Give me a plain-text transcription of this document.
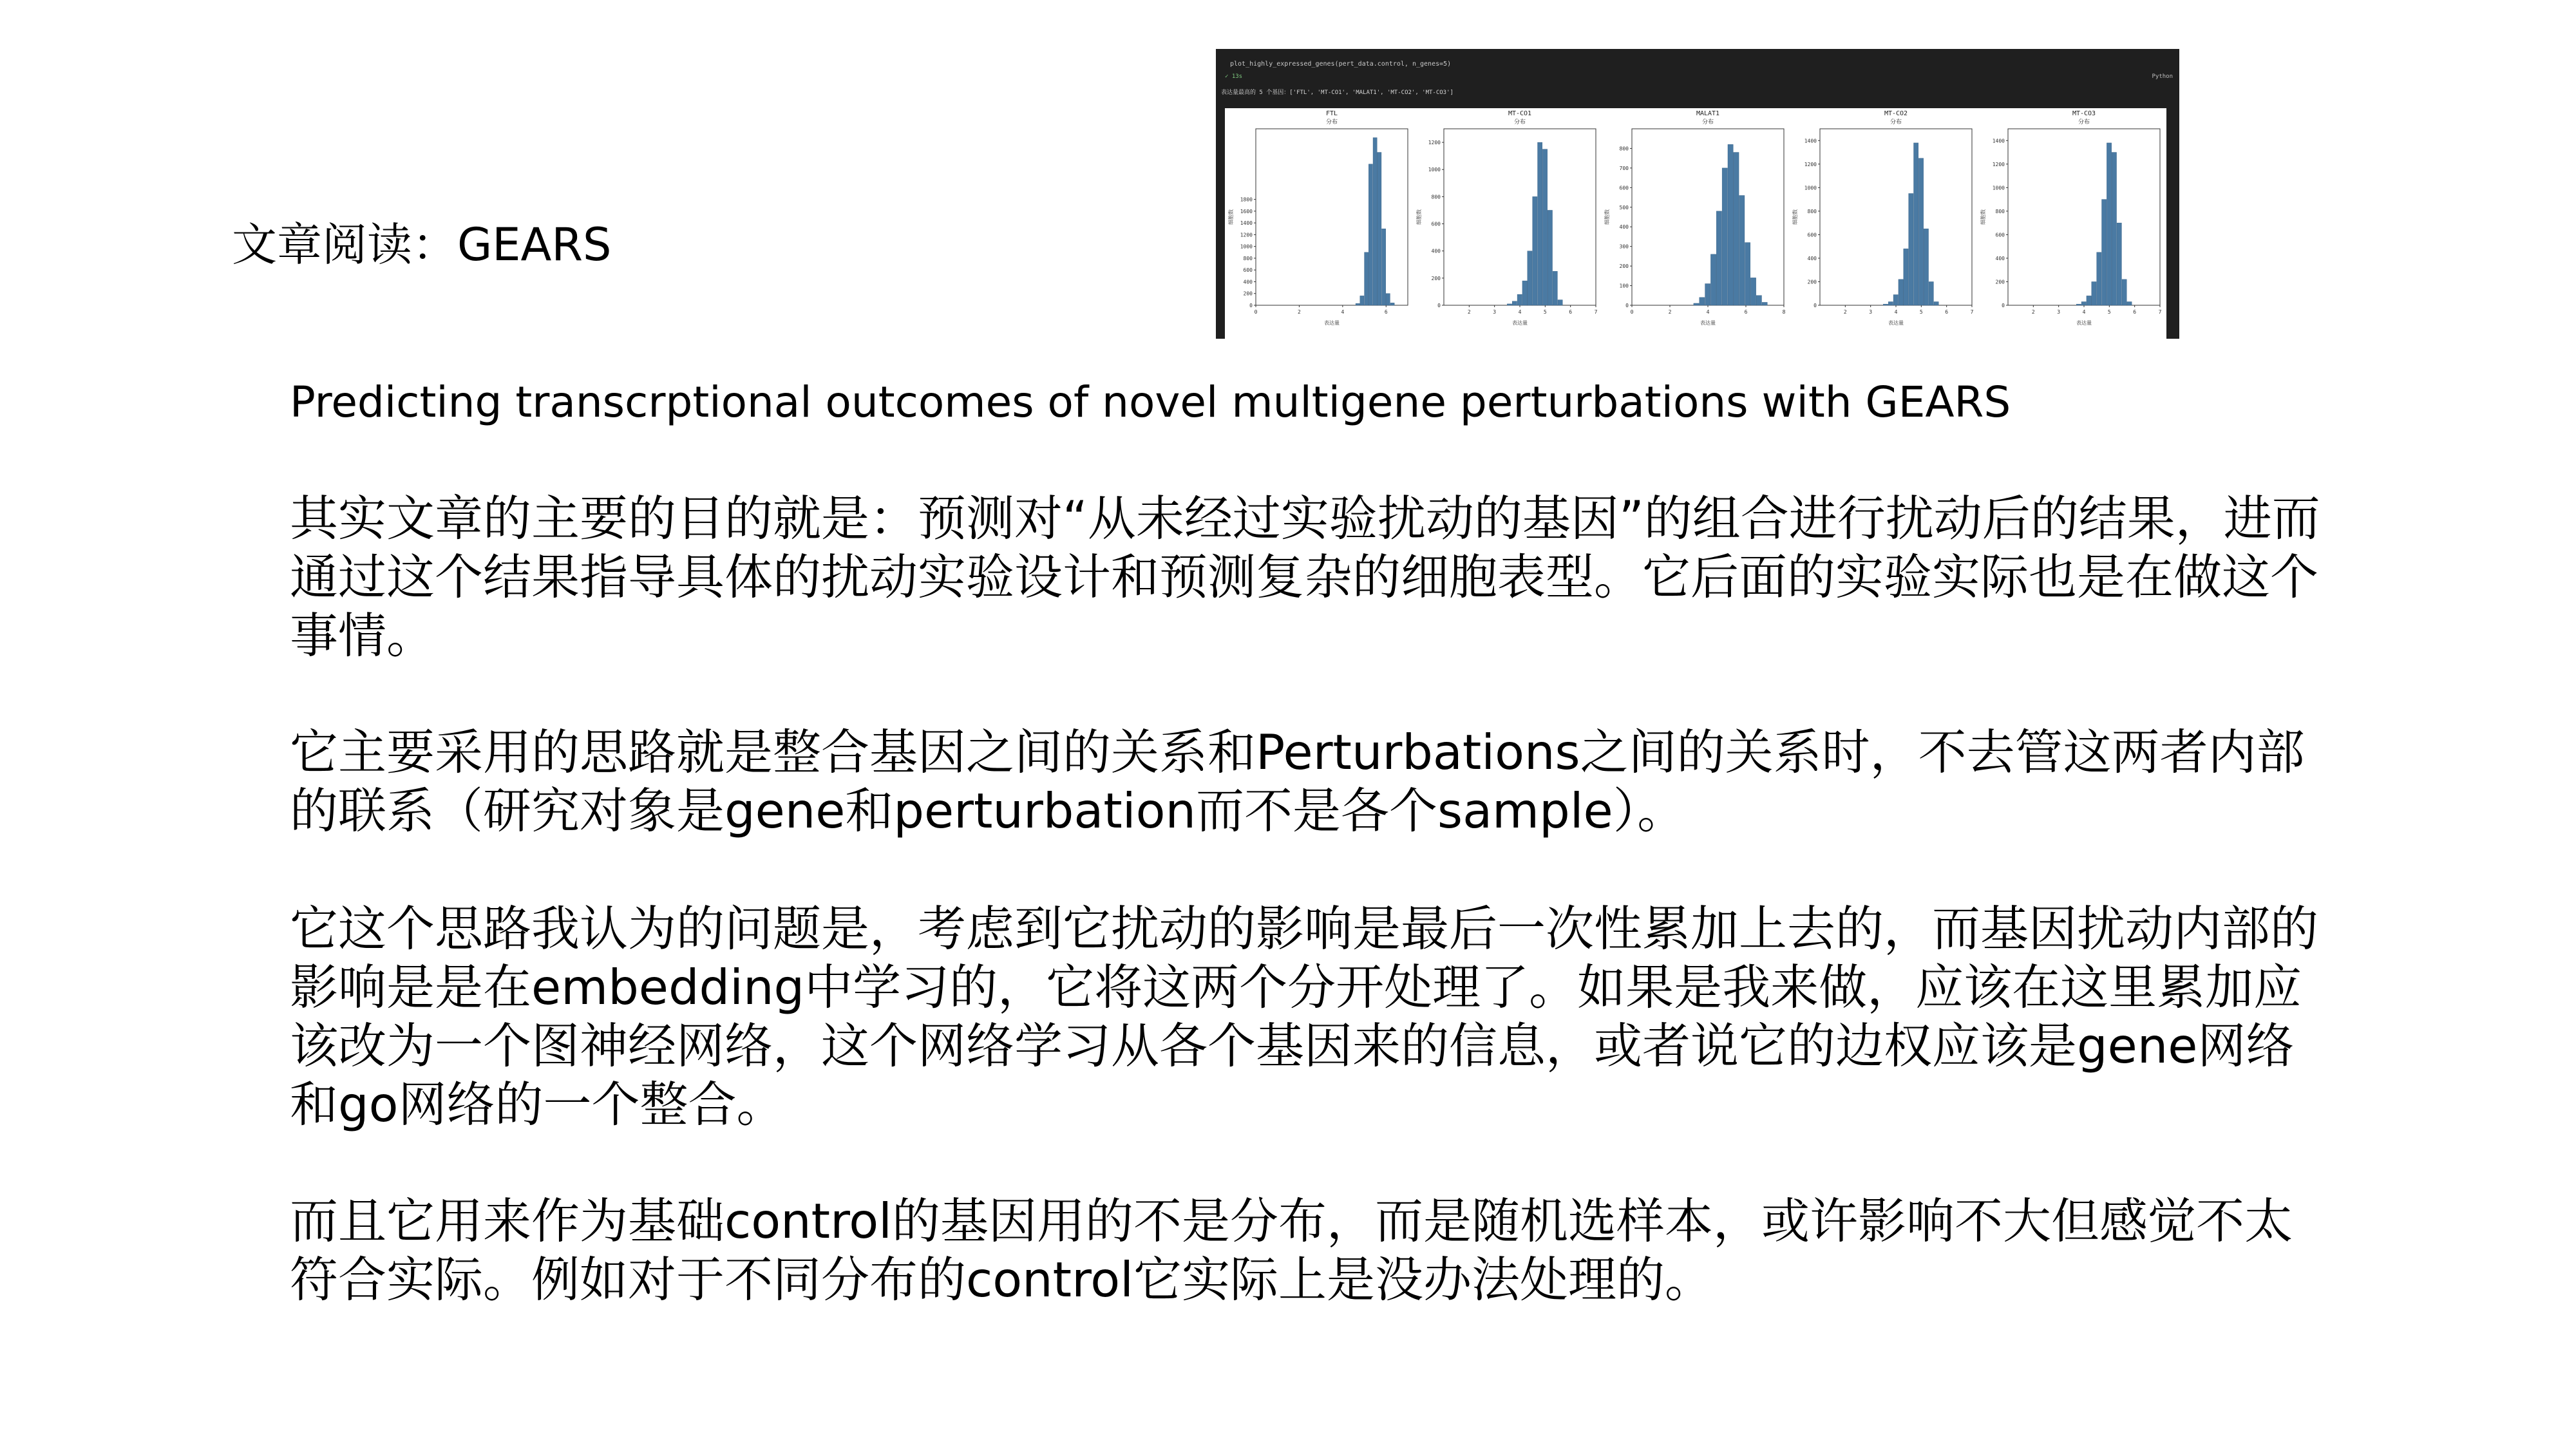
文章阅读：GEARS
plot_highly_expressed_genes(pert_data.control, n_genes=5)
✓ 13s	Python
表达量最高的 5 个基因：['FTL', 'MT-CO1', 'MALAT1', 'MT-CO2', 'MT-CO3']
FTL
分布
0
200
400
600
800
1000
1200
1400
1600
1800
0	2	4	6
表达量
细胞数
MT-CO1
分布
0
200
400
600
800
1000
1200
2	3	4	5	6	7
表达量
细胞数
MALAT1
分布
0
100
200
300
400
500
600
700
800
0	2	4	6	8
表达量
细胞数
MT-CO2
分布
0
200
400
600
800
1000
1200
1400
2	3	4	5	6	7
表达量
细胞数
MT-CO3
分布
0
200
400
600
800
1000
1200
1400
2	3	4	5	6	7
表达量
细胞数
Predicting transcrptional outcomes of novel multigene perturbations with GEARS

其实文章的主要的目的就是：预测对“从未经过实验扰动的基因”的组合进行扰动后的结果，进而通过这个结果指导具体的扰动实验设计和预测复杂的细胞表型。它后面的实验实际也是在做这个事情。

它主要采用的思路就是整合基因之间的关系和Perturbations之间的关系时，不去管这两者内部的联系（研究对象是gene和perturbation而不是各个sample）。

它这个思路我认为的问题是，考虑到它扰动的影响是最后一次性累加上去的，而基因扰动内部的影响是是在embedding中学习的，它将这两个分开处理了。如果是我来做，应该在这里累加应该改为一个图神经网络，这个网络学习从各个基因来的信息，或者说它的边权应该是gene网络和go网络的一个整合。

而且它用来作为基础control的基因用的不是分布，而是随机选样本，或许影响不大但感觉不太符合实际。例如对于不同分布的control它实际上是没办法处理的。
